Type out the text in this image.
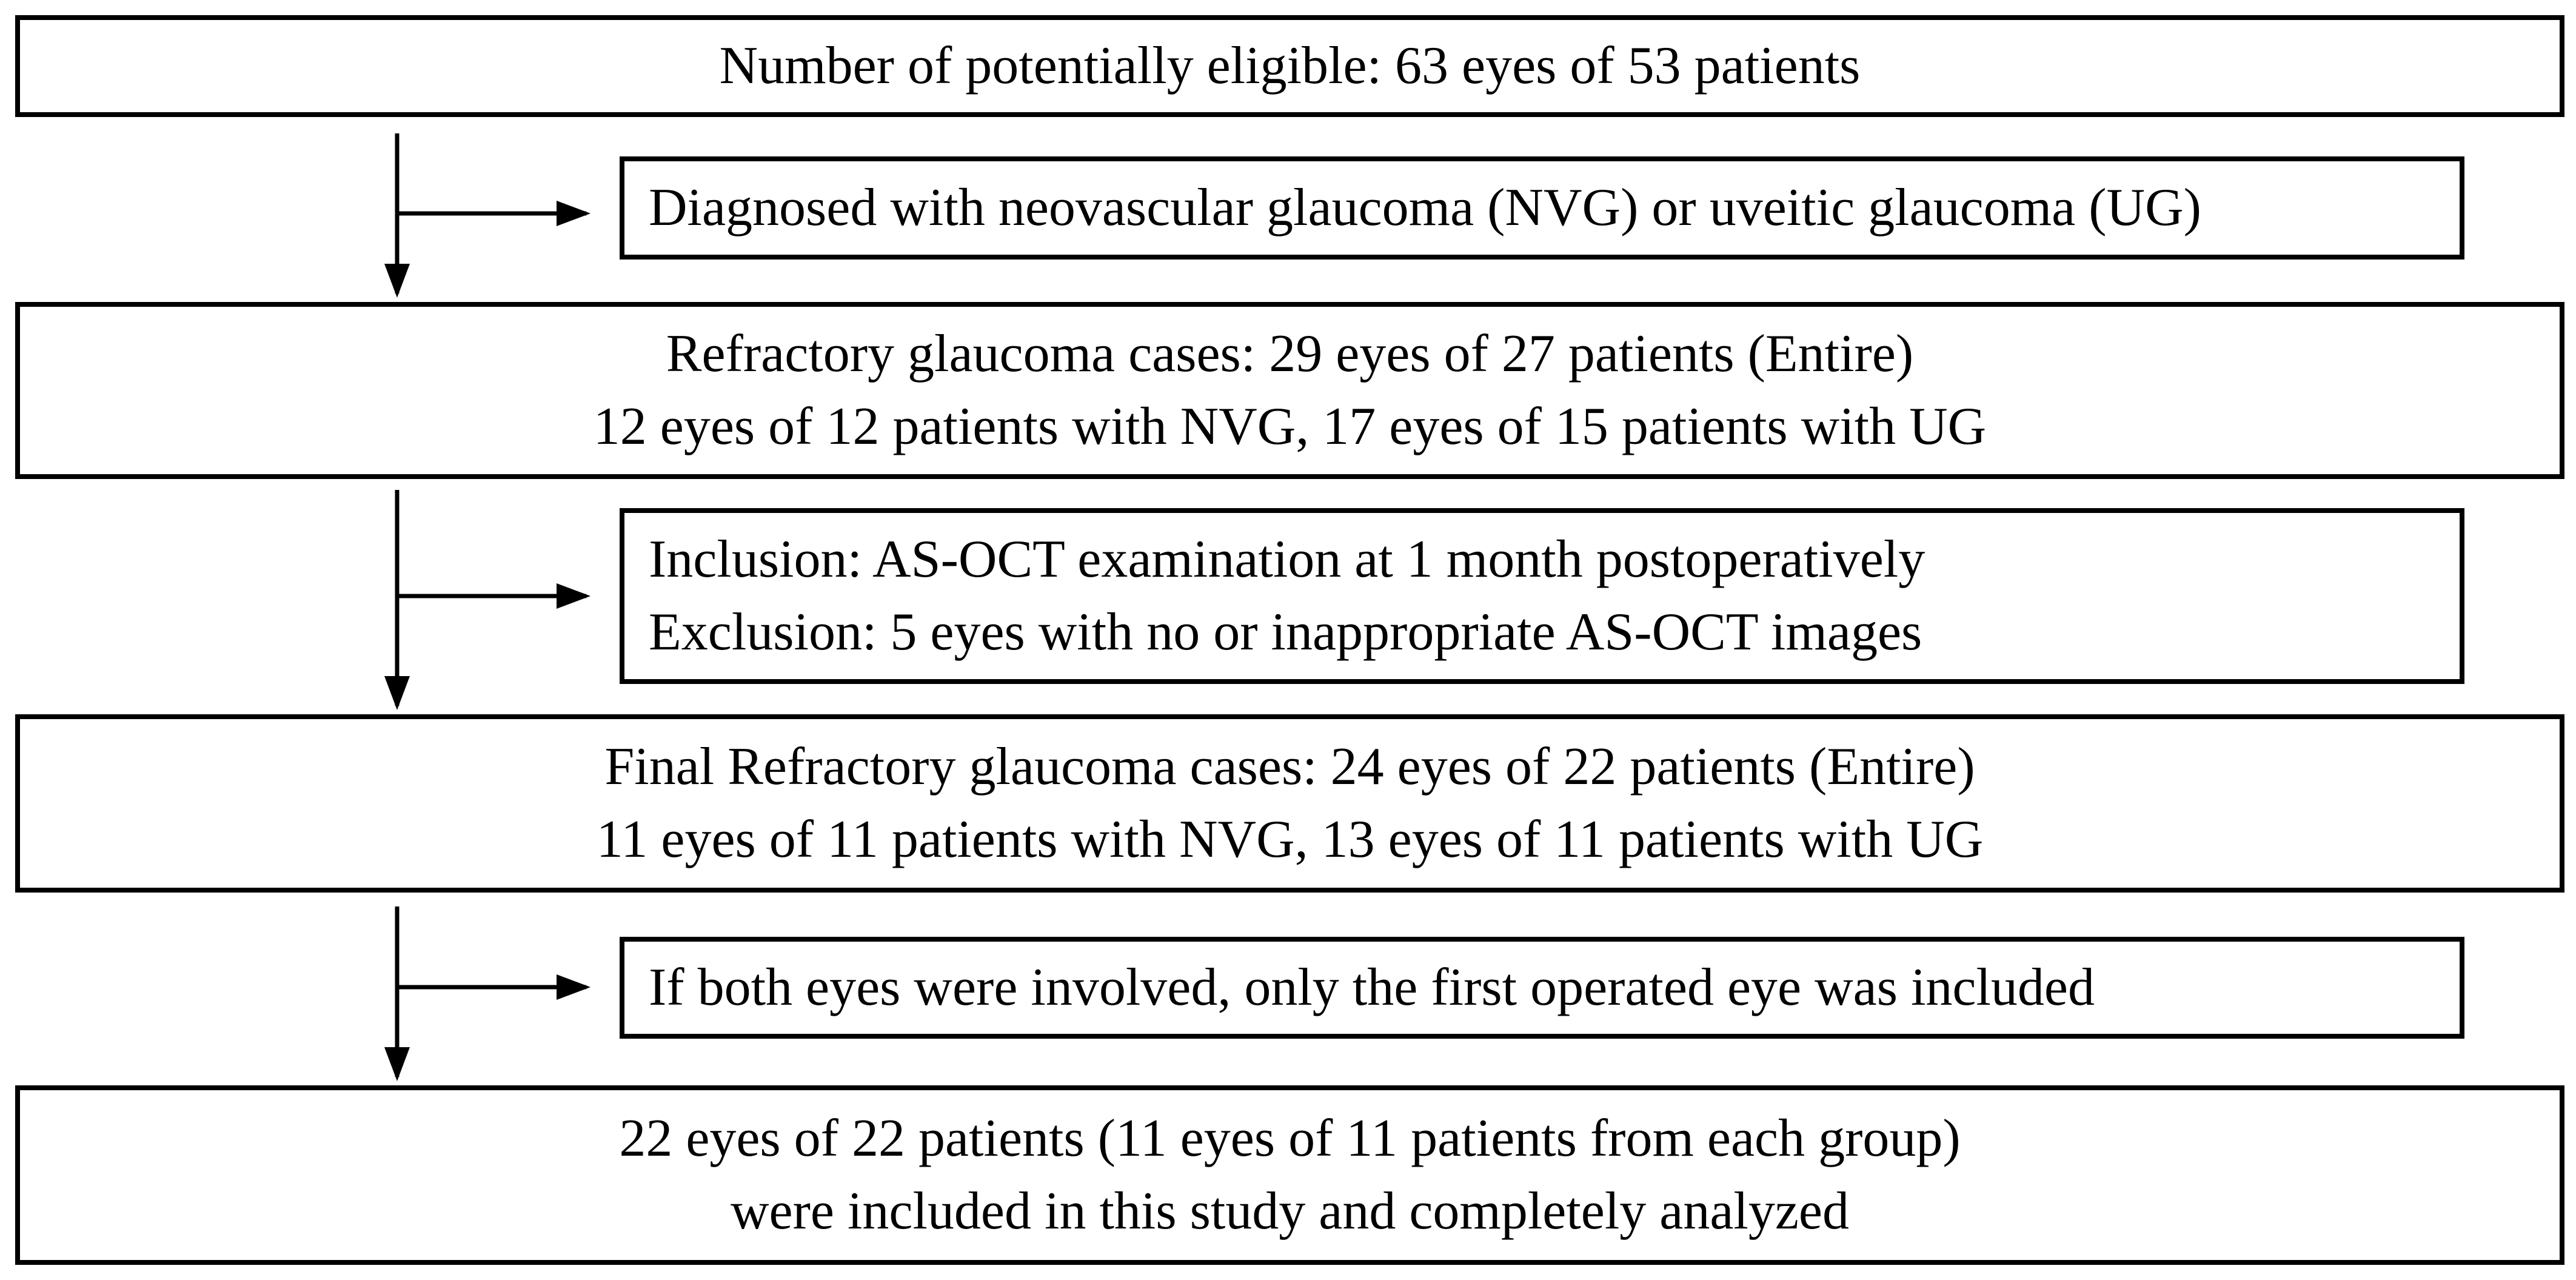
Number of potentially eligible: 63 eyes of 53 patients
Diagnosed with neovascular glaucoma (NVG) or uveitic glaucoma (UG)
Refractory glaucoma cases: 29 eyes of 27 patients (Entire)
12 eyes of 12 patients with NVG, 17 eyes of 15 patients with UG
Inclusion: AS-OCT examination at 1 month postoperatively
Exclusion: 5 eyes with no or inappropriate AS-OCT images
Final Refractory glaucoma cases: 24 eyes of 22 patients (Entire)
11 eyes of 11 patients with NVG, 13 eyes of 11 patients with UG
If both eyes were involved, only the first operated eye was included
22 eyes of 22 patients (11 eyes of 11 patients from each group)
were included in this study and completely analyzed
